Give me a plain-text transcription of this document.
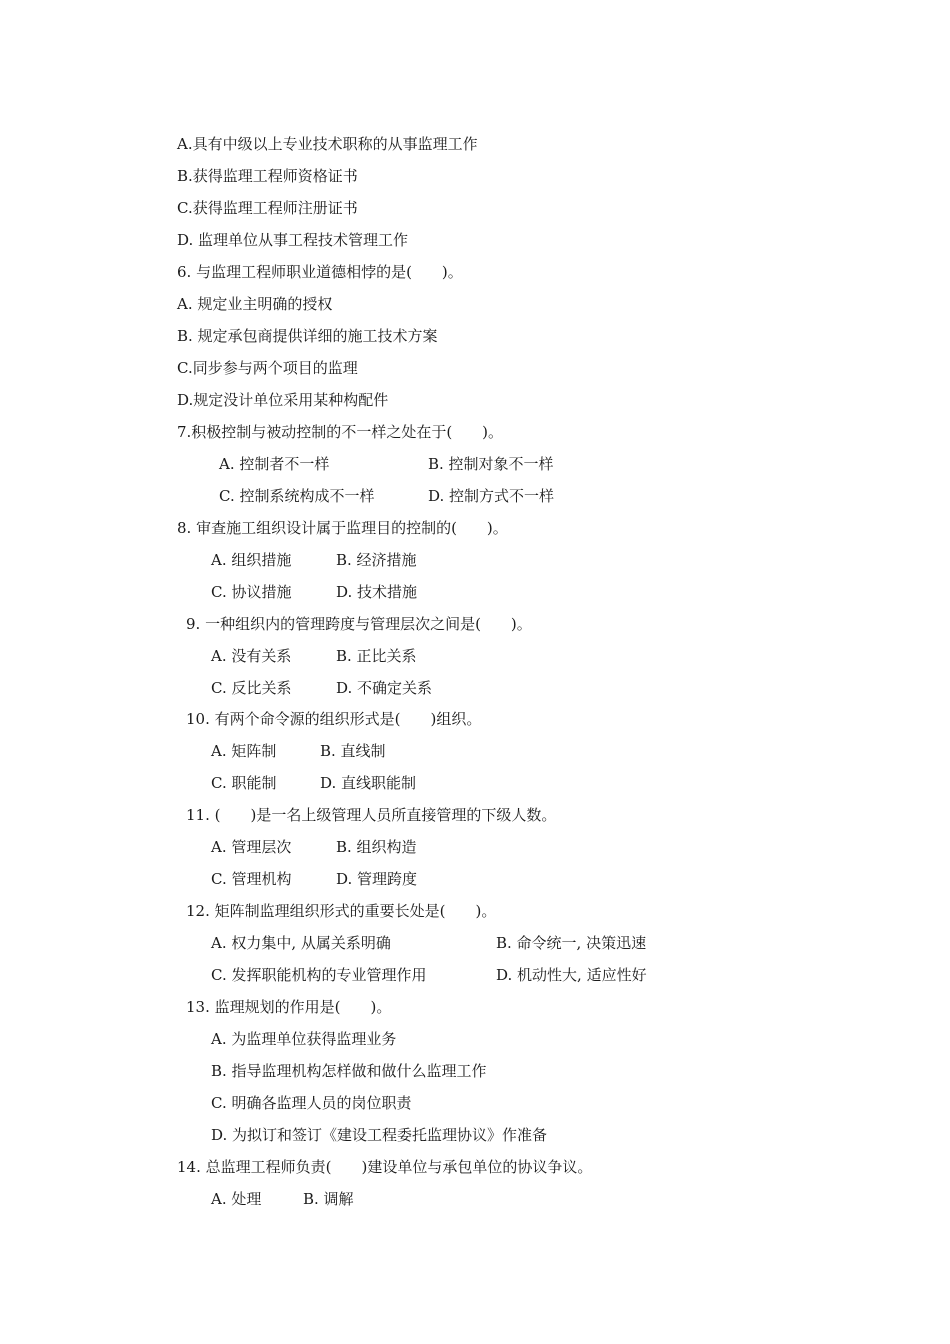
A.具有中级以上专业技术职称的从事监理工作
B.获得监理工程师资格证书
C.获得监理工程师注册证书
D. 监理单位从事工程技术管理工作
6. 与监理工程师职业道德相悖的是(　　)。
A. 规定业主明确的授权
B. 规定承包商提供详细的施工技术方案
C.同步参与两个项目的监理
D.规定没计单位采用某种构配件
7.积极控制与被动控制的不一样之处在于(　　)。
A. 控制者不一样	B. 控制对象不一样
C. 控制系统构成不一样	D. 控制方式不一样
8. 审查施工组织设计属于监理目的控制的(　　)。
A. 组织措施	B. 经济措施
C. 协议措施	D. 技术措施
9. 一种组织内的管理跨度与管理层次之间是(　　)。
A. 没有关系	B. 正比关系
C. 反比关系	D. 不确定关系
10. 有两个命令源的组织形式是(　　)组织。
A. 矩阵制	B. 直线制
C. 职能制	D. 直线职能制
11. (　　)是一名上级管理人员所直接管理的下级人数。
A. 管理层次	B. 组织构造
C. 管理机构	D. 管理跨度
12. 矩阵制监理组织形式的重要长处是(　　)。
A. 权力集中, 从属关系明确	B. 命令统一, 决策迅速
C. 发挥职能机构的专业管理作用	D. 机动性大, 适应性好
13. 监理规划的作用是(　　)。
A. 为监理单位获得监理业务
B. 指导监理机构怎样做和做什么监理工作
C. 明确各监理人员的岗位职责
D. 为拟订和签订《建设工程委托监理协议》作准备
14. 总监理工程师负责(　　)建设单位与承包单位的协议争议。
A. 处理	B. 调解
